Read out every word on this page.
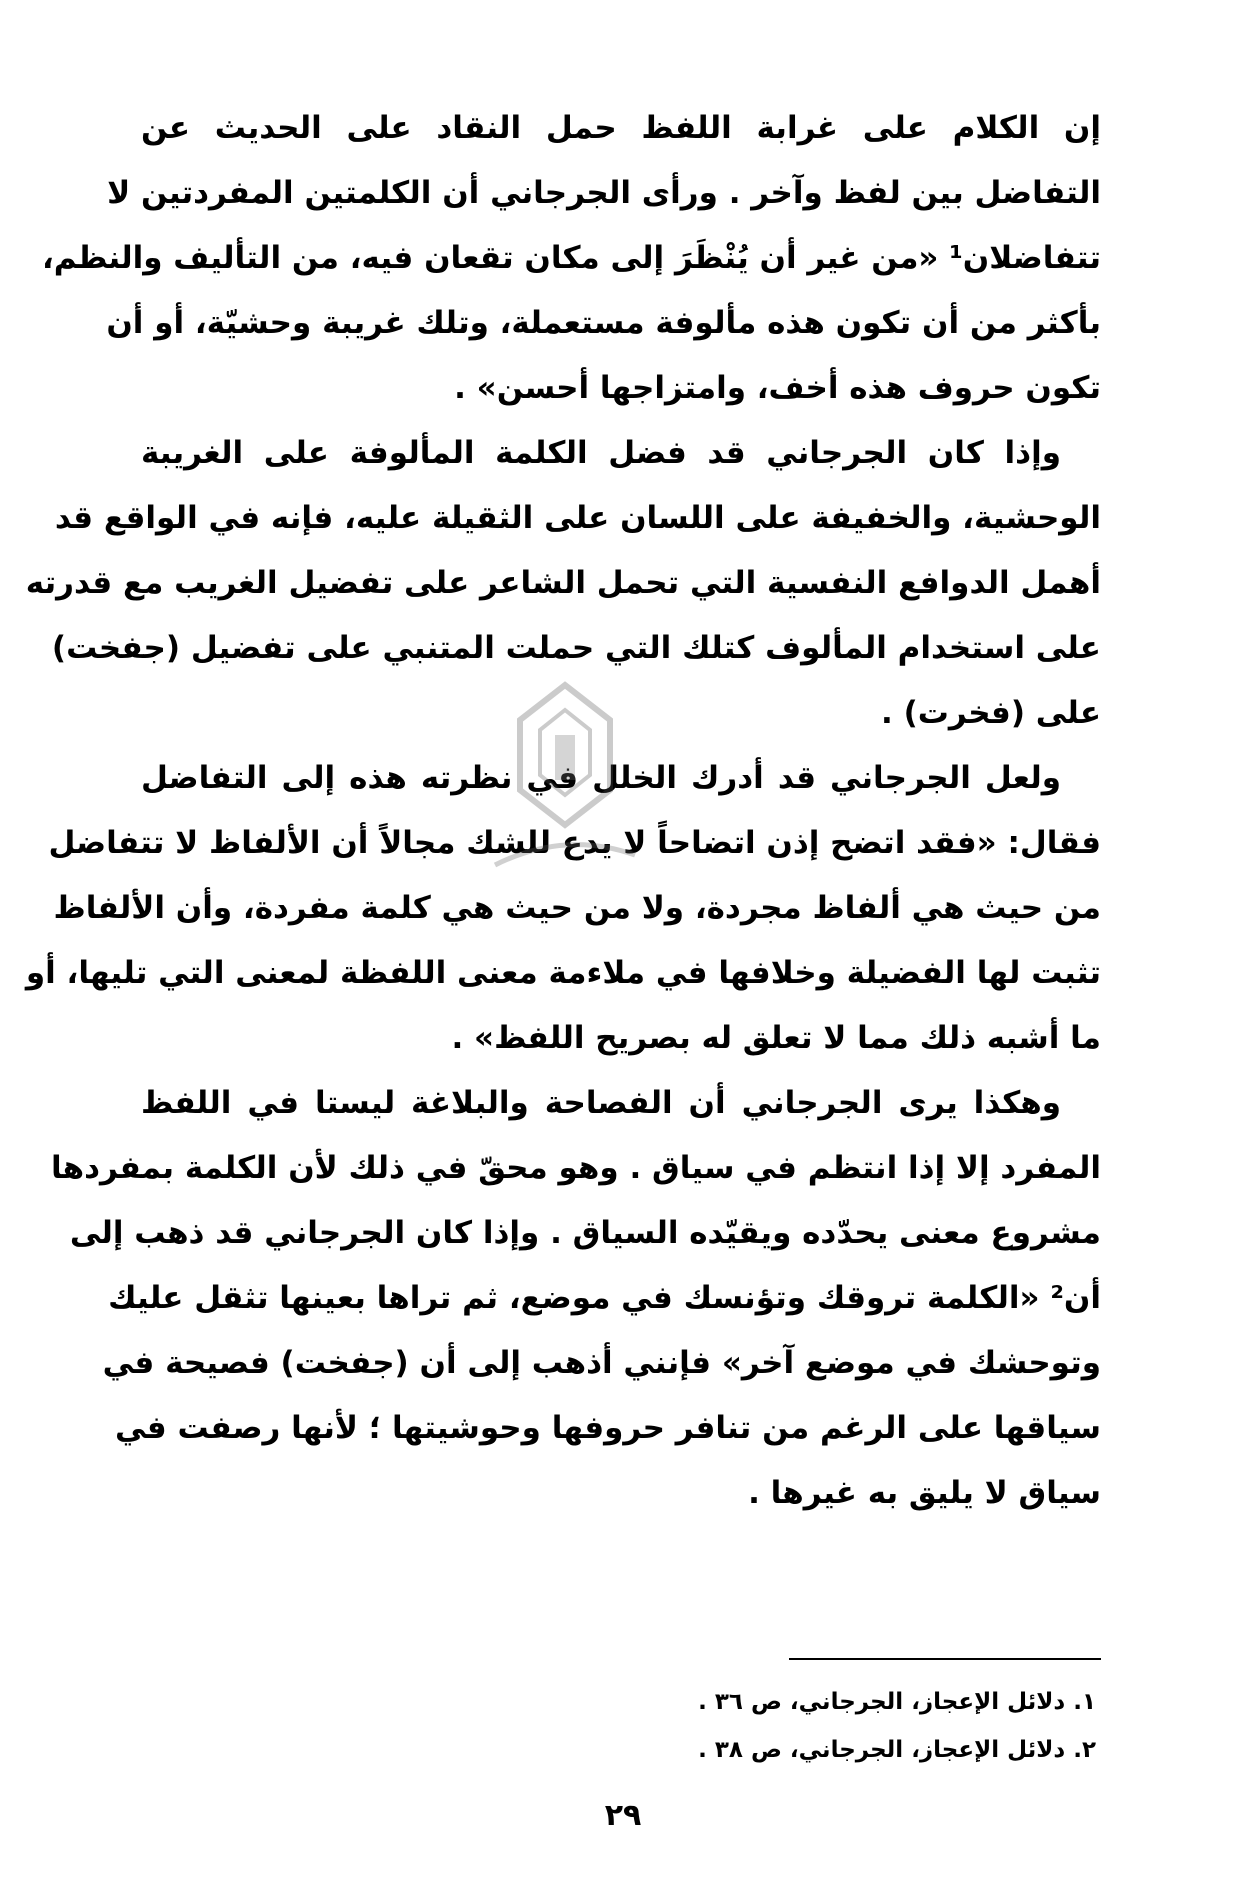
إن الكلام على غرابة اللفظ حمل النقاد على الحديث عن
التفاضل بين لفظ وآخر . ورأى الجرجاني أن الكلمتين المفردتين لا
تتفاضلان¹ «من غير أن يُنْظَرَ إلى مكان تقعان فيه، من التأليف والنظم،
بأكثر من أن تكون هذه مألوفة مستعملة، وتلك غريبة وحشيّة، أو أن
تكون حروف هذه أخف، وامتزاجها أحسن» .
وإذا كان الجرجاني قد فضل الكلمة المألوفة على الغريبة
الوحشية، والخفيفة على اللسان على الثقيلة عليه، فإنه في الواقع قد
أهمل الدوافع النفسية التي تحمل الشاعر على تفضيل الغريب مع قدرته
على استخدام المألوف كتلك التي حملت المتنبي على تفضيل (جفخت)
على (فخرت) .
ولعل الجرجاني قد أدرك الخلل في نظرته هذه إلى التفاضل
فقال: «فقد اتضح إذن اتضاحاً لا يدع للشك مجالاً أن الألفاظ لا تتفاضل
من حيث هي ألفاظ مجردة، ولا من حيث هي كلمة مفردة، وأن الألفاظ
تثبت لها الفضيلة وخلافها في ملاءمة معنى اللفظة لمعنى التي تليها، أو
ما أشبه ذلك مما لا تعلق له بصريح اللفظ» .
وهكذا يرى الجرجاني أن الفصاحة والبلاغة ليستا في اللفظ
المفرد إلا إذا انتظم في سياق . وهو محقّ في ذلك لأن الكلمة بمفردها
مشروع معنى يحدّده ويقيّده السياق . وإذا كان الجرجاني قد ذهب إلى
أن² «الكلمة تروقك وتؤنسك في موضع، ثم تراها بعينها تثقل عليك
وتوحشك في موضع آخر» فإنني أذهب إلى أن (جفخت) فصيحة في
سياقها على الرغم من تنافر حروفها وحوشيتها ؛ لأنها رصفت في
سياق لا يليق به غيرها .
١. دلائل الإعجاز، الجرجاني، ص ٣٦ .
٢. دلائل الإعجاز، الجرجاني، ص ٣٨ .
٢٩
